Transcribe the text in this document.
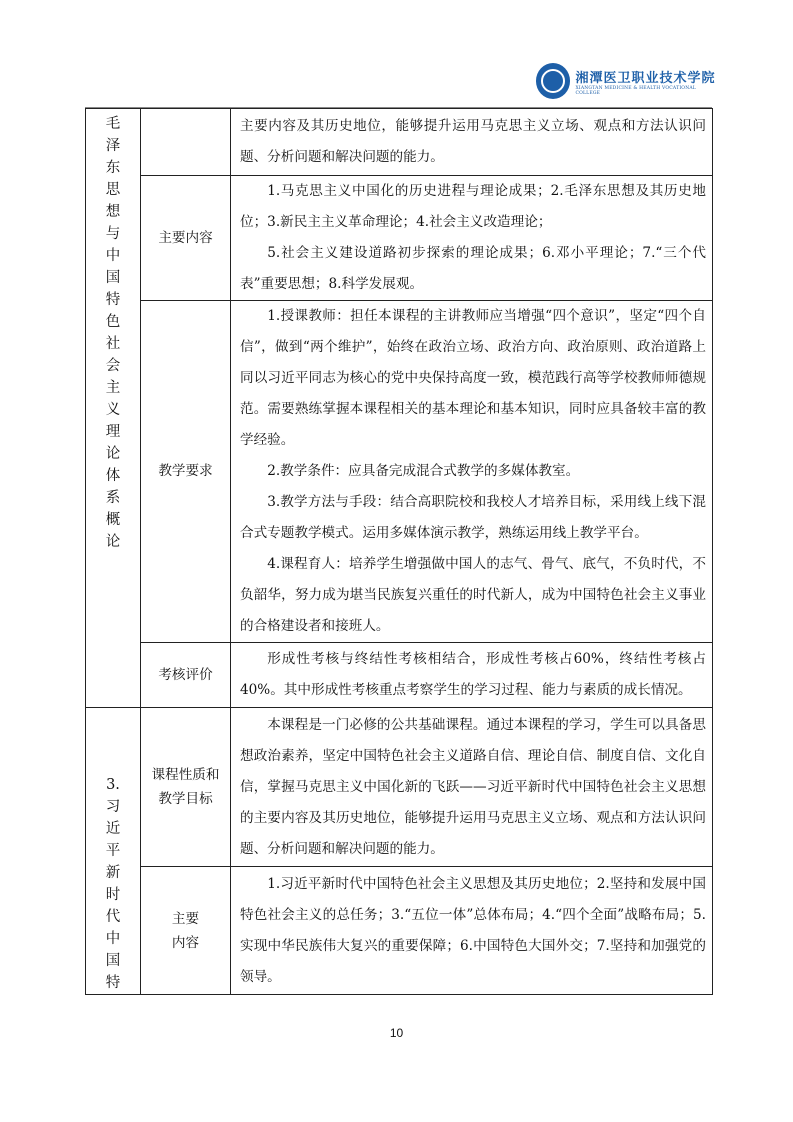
湘潭医卫职业技术学院
XIANGTAN MEDICINE & HEALTH VOCATIONAL COLLEGE
毛泽东思想与中国特色社会主义理论体系概论		主要内容及其历史地位，能够提升运用马克思主义立场、观点和方法认识问题、分析问题和解决问题的能力。

	主要内容	1.马克思主义中国化的历史进程与理论成果；2.毛泽东思想及其历史地位；3.新民主主义革命理论；4.社会主义改造理论；

5.社会主义建设道路初步探索的理论成果；6.邓小平理论；7.“三个代表”重要思想；8.科学发展观。

	教学要求	1.授课教师：担任本课程的主讲教师应当增强“四个意识”，坚定“四个自信”，做到“两个维护”，始终在政治立场、政治方向、政治原则、政治道路上同以习近平同志为核心的党中央保持高度一致，模范践行高等学校教师师德规范。需要熟练掌握本课程相关的基本理论和基本知识，同时应具备较丰富的教学经验。

2.教学条件：应具备完成混合式教学的多媒体教室。

3.教学方法与手段：结合高职院校和我校人才培养目标，采用线上线下混合式专题教学模式。运用多媒体演示教学，熟练运用线上教学平台。

4.课程育人：培养学生增强做中国人的志气、骨气、底气，不负时代，不负韶华，努力成为堪当民族复兴重任的时代新人，成为中国特色社会主义事业的合格建设者和接班人。

	考核评价	形成性考核与终结性考核相结合，形成性考核占60%，终结性考核占40%。其中形成性考核重点考察学生的学习过程、能力与素质的成长情况。

3.习近平新时代中国特	课程性质和教学目标	本课程是一门必修的公共基础课程。通过本课程的学习，学生可以具备思想政治素养，坚定中国特色社会主义道路自信、理论自信、制度自信、文化自信，掌握马克思主义中国化新的飞跃——习近平新时代中国特色社会主义思想的主要内容及其历史地位，能够提升运用马克思主义立场、观点和方法认识问题、分析问题和解决问题的能力。

	主要内容	1.习近平新时代中国特色社会主义思想及其历史地位；2.坚持和发展中国特色社会主义的总任务；3.“五位一体”总体布局；4.“四个全面”战略布局；5.实现中华民族伟大复兴的重要保障；6.中国特色大国外交；7.坚持和加强党的领导。

10
